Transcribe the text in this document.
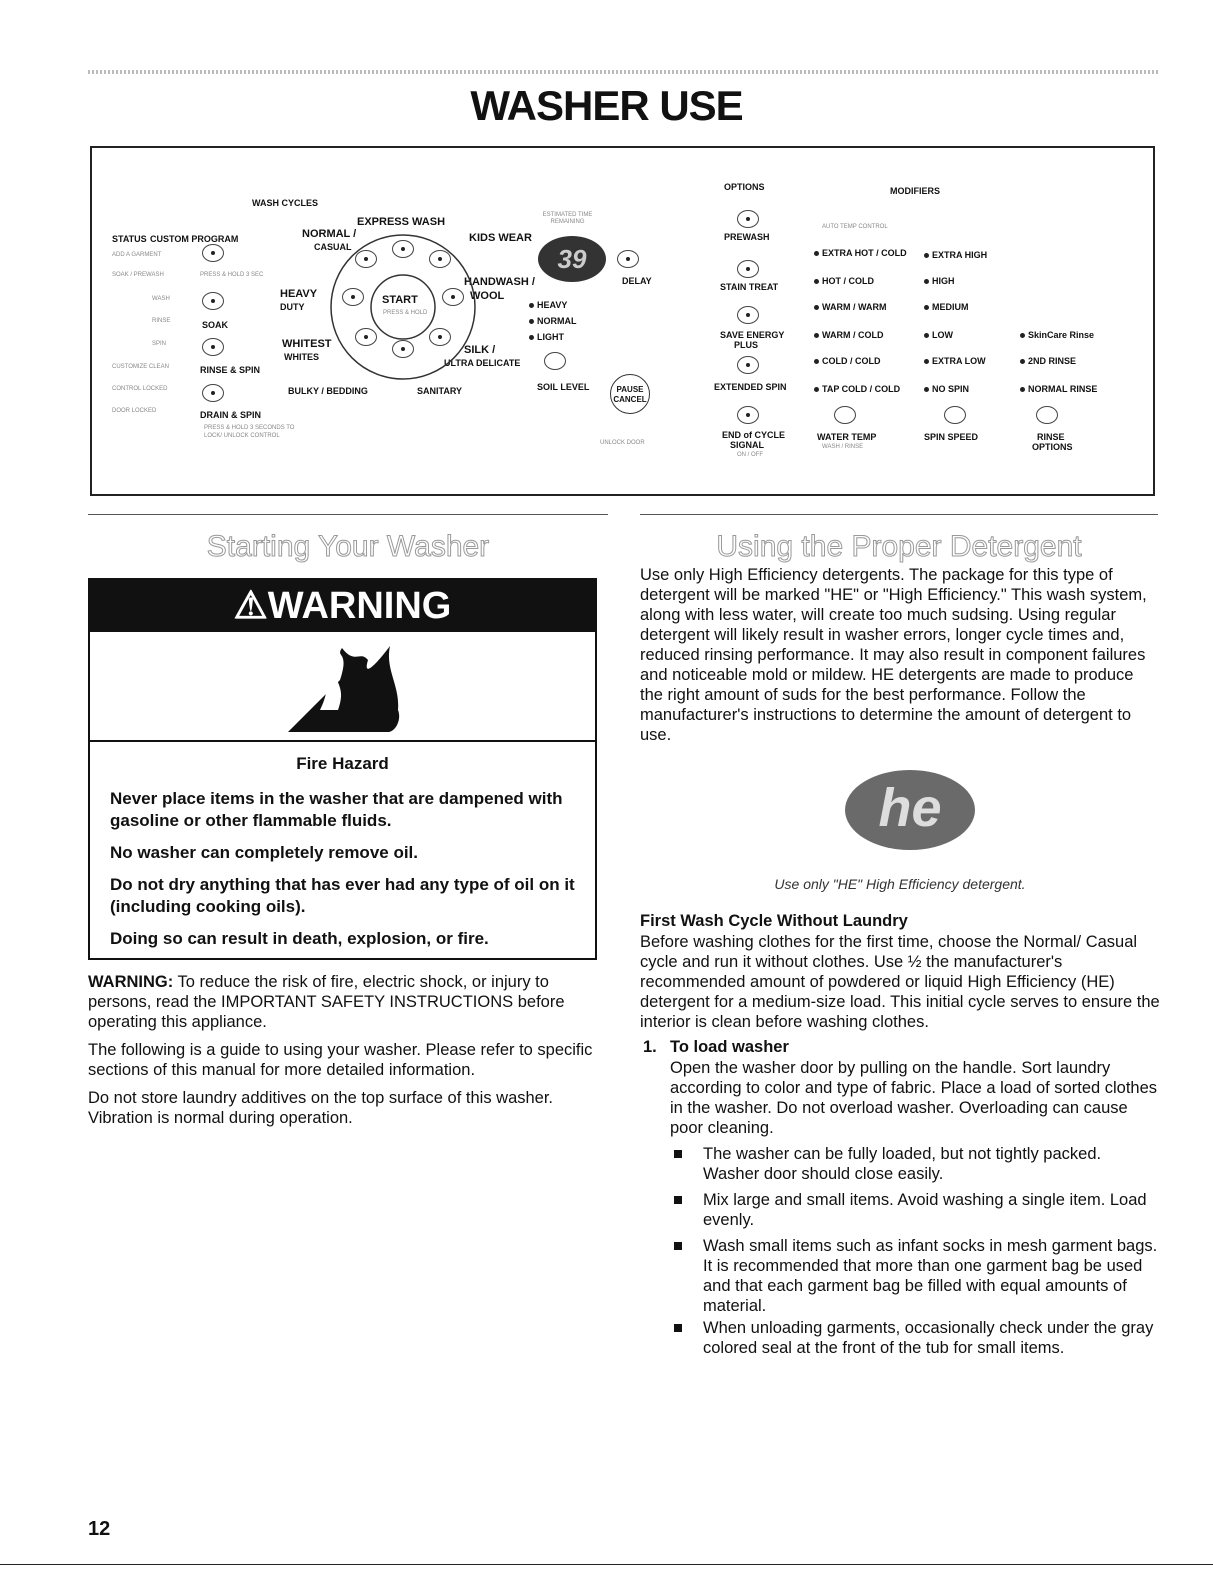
WASHER USE
WASH CYCLES
STATUS CUSTOM PROGRAM
ADD A GARMENT
SOAK / PREWASH
WASH
RINSE
SPIN
CUSTOMIZE CLEAN
CONTROL LOCKED
DOOR LOCKED
PRESS & HOLD 3 SEC
SOAK
RINSE & SPIN
DRAIN & SPIN
PRESS & HOLD 3 SECONDS TO LOCK/ UNLOCK CONTROL
NORMAL /
CASUAL
EXPRESS WASH
KIDS WEAR
HEAVY
DUTY
HANDWASH /
WOOL
WHITEST
WHITES
SILK /
ULTRA DELICATE
BULKY / BEDDING	SANITARY
START
PRESS & HOLD
ESTIMATED TIME REMAINING
39
DELAY
HEAVY
NORMAL
LIGHT
SOIL LEVEL	PAUSE
CANCEL
UNLOCK DOOR
OPTIONS	MODIFIERS
PREWASH
STAIN TREAT
SAVE ENERGY
PLUS
EXTENDED SPIN
END of CYCLE
SIGNAL
ON / OFF
AUTO TEMP CONTROL
EXTRA HOT / COLD
HOT / COLD
WARM / WARM
WARM / COLD
COLD / COLD
TAP COLD / COLD
EXTRA HIGH
HIGH
MEDIUM
LOW
EXTRA LOW
NO SPIN
SkinCare Rinse
2ND RINSE
NORMAL RINSE
WATER TEMP
WASH / RINSE
SPIN SPEED	RINSE
OPTIONS
Starting Your Washer
⚠WARNING
Fire Hazard

Never place items in the washer that are dampened with gasoline or other flammable fluids.

No washer can completely remove oil.

Do not dry anything that has ever had any type of oil on it (including cooking oils).

Doing so can result in death, explosion, or fire.

WARNING: To reduce the risk of fire, electric shock, or injury to persons, read the IMPORTANT SAFETY INSTRUCTIONS before operating this appliance.

The following is a guide to using your washer. Please refer to specific sections of this manual for more detailed information.

Do not store laundry additives on the top surface of this washer. Vibration is normal during operation.

Using the Proper Detergent

Use only High Efficiency detergents. The package for this type of detergent will be marked "HE" or "High Efficiency." This wash system, along with less water, will create too much sudsing. Using regular detergent will likely result in washer errors, longer cycle times and, reduced rinsing performance. It may also result in component failures and noticeable mold or mildew. HE detergents are made to produce the right amount of suds for the best performance. Follow the manufacturer's instructions to determine the amount of detergent to use.

he
Use only "HE" High Efficiency detergent.
First Wash Cycle Without Laundry

Before washing clothes for the first time, choose the Normal/ Casual cycle and run it without clothes. Use ½ the manufacturer's recommended amount of powdered or liquid High Efficiency (HE) detergent for a medium-size load. This initial cycle serves to ensure the interior is clean before washing clothes.

1. To load washer

Open the washer door by pulling on the handle. Sort laundry according to color and type of fabric. Place a load of sorted clothes in the washer. Do not overload washer. Overloading can cause poor cleaning.

The washer can be fully loaded, but not tightly packed. Washer door should close easily.

Mix large and small items. Avoid washing a single item. Load evenly.

Wash small items such as infant socks in mesh garment bags. It is recommended that more than one garment bag be used and that each garment bag be filled with equal amounts of material.

When unloading garments, occasionally check under the gray colored seal at the front of the tub for small items.

12
